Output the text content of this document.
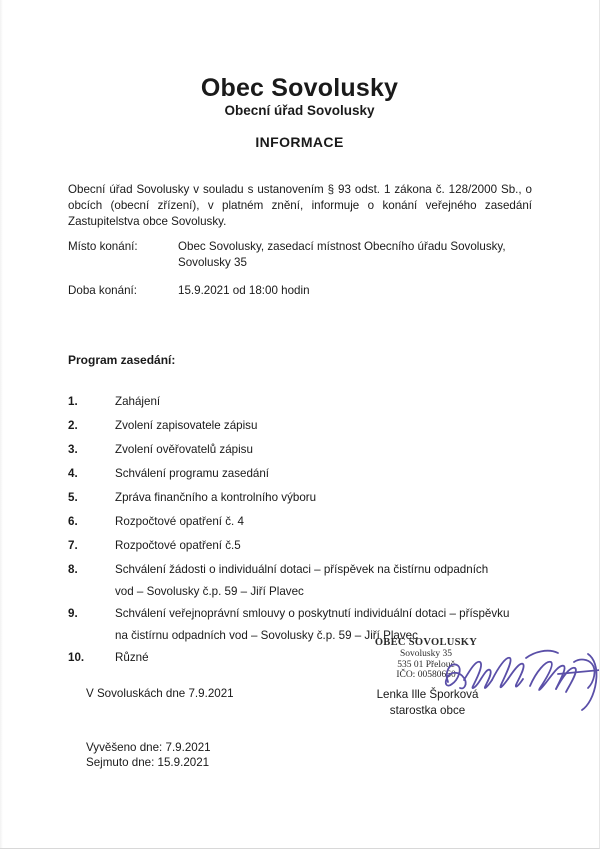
Obec Sovolusky
Obecní úřad Sovolusky
INFORMACE

Obecní úřad Sovolusky v souladu s ustanovením § 93 odst. 1 zákona č. 128/2000 Sb., o obcích (obecní zřízení), v platném znění, informuje o konání veřejného zasedání Zastupitelstva obce Sovolusky.

Místo konání:	Obec Sovolusky, zasedací místnost Obecního úřadu Sovolusky, Sovolusky 35
Doba konání:	15.9.2021 od 18:00 hodin
Program zasedání:
1.	Zahájení
2.	Zvolení zapisovatele zápisu
3.	Zvolení ověřovatelů zápisu
4.	Schválení programu zasedání
5.	Zpráva finančního a kontrolního výboru
6.	Rozpočtové opatření č. 4
7.	Rozpočtové opatření č.5
8.	Schválení žádosti o individuální dotaci – příspěvek na čistírnu odpadních
vod – Sovolusky č.p. 59 – Jiří Plavec
9.	Schválení veřejnoprávní smlouvy o poskytnutí individuální dotaci – příspěvku
na čistírnu odpadních vod – Sovolusky č.p. 59 – Jiří Plavec
10.	Různé
OBEC SOVOLUSKY
Sovolusky 35
535 01 Přelouč
IČO: 00580660
V Sovoluskách dne 7.9.2021	Lenka Ille Šporková
starostka obce
Vyvěšeno dne: 7.9.2021
Sejmuto dne: 15.9.2021
